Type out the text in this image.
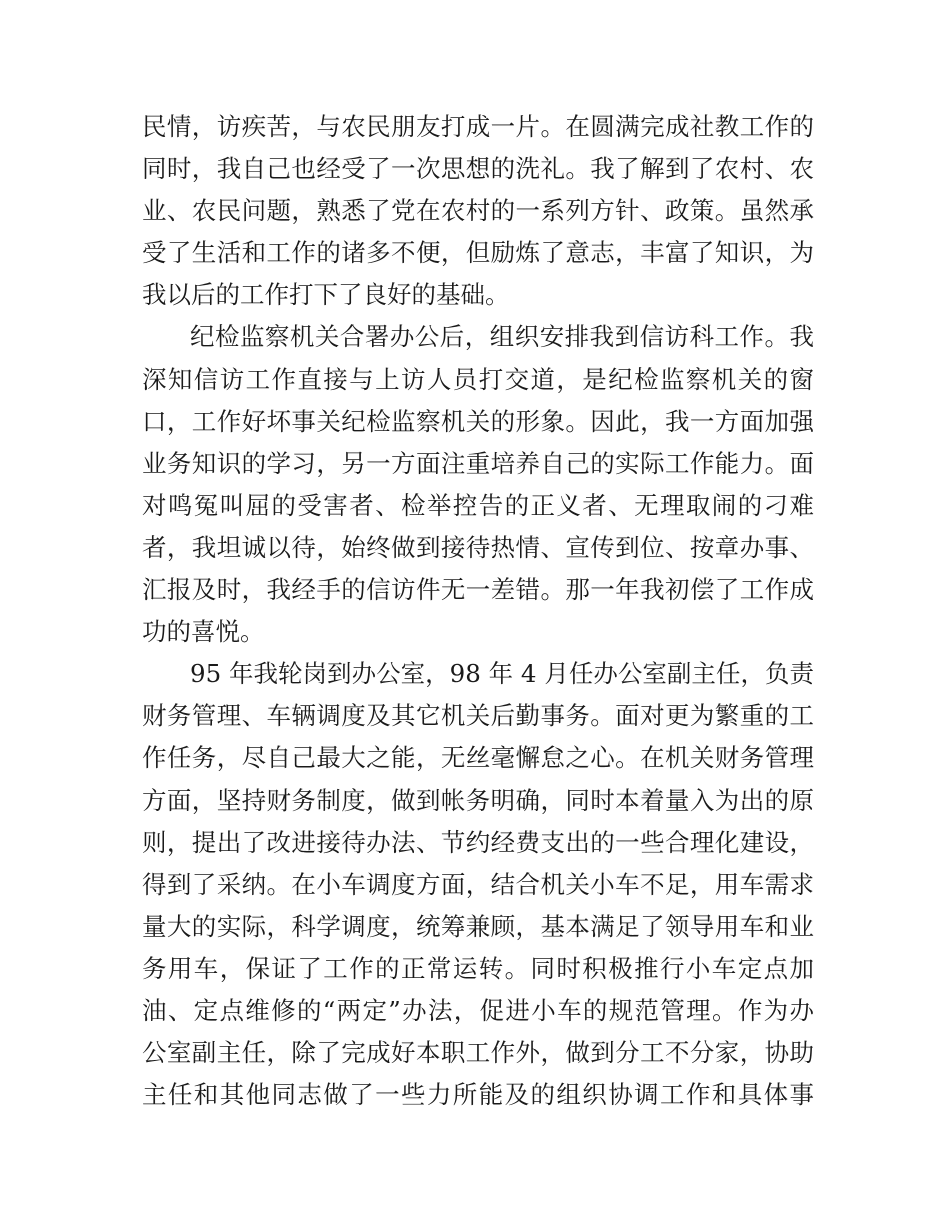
民情，访疾苦，与农民朋友打成一片。在圆满完成社教工作的
同时，我自己也经受了一次思想的洗礼。我了解到了农村、农
业、农民问题，熟悉了党在农村的一系列方针、政策。虽然承
受了生活和工作的诸多不便，但励炼了意志，丰富了知识，为
我以后的工作打下了良好的基础。
纪检监察机关合署办公后，组织安排我到信访科工作。我
深知信访工作直接与上访人员打交道，是纪检监察机关的窗
口，工作好坏事关纪检监察机关的形象。因此，我一方面加强
业务知识的学习，另一方面注重培养自己的实际工作能力。面
对鸣冤叫屈的受害者、检举控告的正义者、无理取闹的刁难
者，我坦诚以待，始终做到接待热情、宣传到位、按章办事、
汇报及时，我经手的信访件无一差错。那一年我初偿了工作成
功的喜悦。
95 年我轮岗到办公室，98 年 4 月任办公室副主任，负责
财务管理、车辆调度及其它机关后勤事务。面对更为繁重的工
作任务，尽自己最大之能，无丝毫懈怠之心。在机关财务管理
方面，坚持财务制度，做到帐务明确，同时本着量入为出的原
则，提出了改进接待办法、节约经费支出的一些合理化建设，
得到了采纳。在小车调度方面，结合机关小车不足，用车需求
量大的实际，科学调度，统筹兼顾，基本满足了领导用车和业
务用车，保证了工作的正常运转。同时积极推行小车定点加
油、定点维修的“两定”办法，促进小车的规范管理。作为办
公室副主任，除了完成好本职工作外，做到分工不分家，协助
主任和其他同志做了一些力所能及的组织协调工作和具体事
